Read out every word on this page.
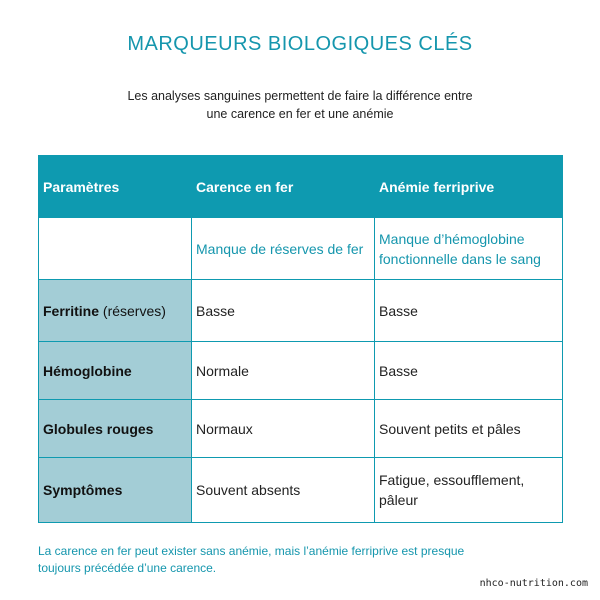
MARQUEURS BIOLOGIQUES CLÉS
Les analyses sanguines permettent de faire la différence entre
une carence en fer et une anémie
Paramètres	Carence en fer	Anémie ferriprive
	Manque de réserves de fer	Manque d’hémoglobine fonctionnelle dans le sang
Ferritine (réserves)	Basse	Basse
Hémoglobine	Normale	Basse
Globules rouges	Normaux	Souvent petits et pâles
Symptômes	Souvent absents	Fatigue, essoufflement, pâleur
La carence en fer peut exister sans anémie, mais l’anémie ferriprive est presque
toujours précédée d’une carence.
nhco-nutrition.com
